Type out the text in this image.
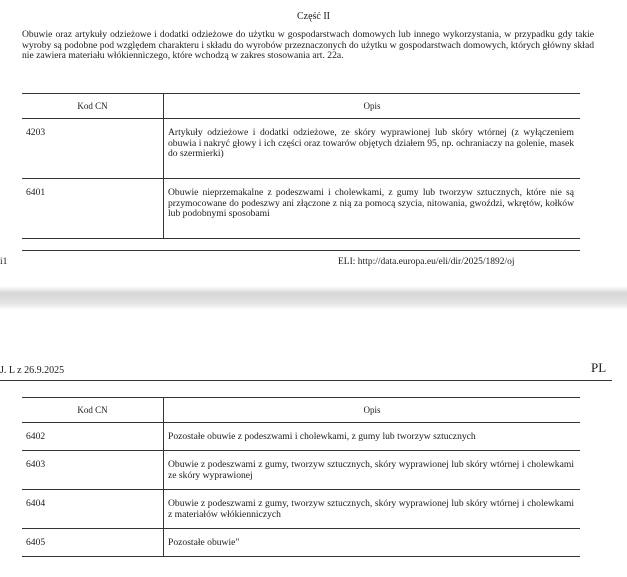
Część II

Obuwie oraz artykuły odzieżowe i dodatki odzieżowe do użytku w gospodarstwach domowych lub innego wykorzystania, w przypadku gdy takie wyroby są podobne pod względem charakteru i składu do wyrobów przeznaczonych do użytku w gospodarstwach domowych, których główny skład nie zawiera materiału włókienniczego, które wchodzą w zakres stosowania art. 22a.

Kod CN	Opis
4203	Artykuły odzieżowe i dodatki odzieżowe, ze skóry wyprawionej lub skóry wtórnej (z wyłączeniem obuwia i nakryć głowy i ich części oraz towarów objętych działem 95, np. ochraniaczy na golenie, masek do szermierki)
6401	Obuwie nieprzemakalne z podeszwami i cholewkami, z gumy lub tworzyw sztucznych, które nie są przymocowane do podeszwy ani złączone z nią za pomocą szycia, nitowania, gwoździ, wkrętów, kołków lub podobnymi sposobami
i1	ELI: http://data.europa.eu/eli/dir/2025/1892/oj
J. L z 26.9.2025	PL
Kod CN	Opis
6402	Pozostałe obuwie z podeszwami i cholewkami, z gumy lub tworzyw sztucznych
6403	Obuwie z podeszwami z gumy, tworzyw sztucznych, skóry wyprawionej lub skóry wtórnej i cholewkami ze skóry wyprawionej
6404	Obuwie z podeszwami z gumy, tworzyw sztucznych, skóry wyprawionej lub skóry wtórnej i cholewkami z materiałów włókienniczych
6405	Pozostałe obuwie"
